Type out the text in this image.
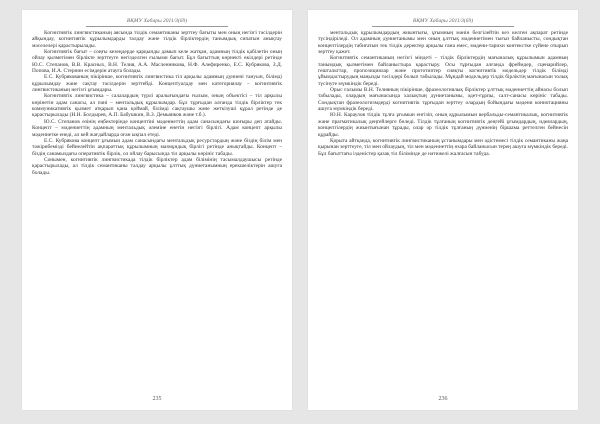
ВҚМУ Хабары 2011/3(69)

Когнитивтік лингвистиканың аясында тілдік семантиканы зерттеу бағыты мен оның негізгі тәсілдерін айқындау, когнитивтік құрылымдарды талдау және тілдік бірліктердің танымдық сипатын анықтау мәселелері қарастырылады.

Когнитивтік бағыт – соңғы кезеңдерде қарқынды дамып келе жатқан, адамның тілдік қабілетін оның ойлау қызметімен бірлікте зерттеуге негізделген ғылыми бағыт. Бұл бағыттың көрнекті өкілдері ретінде Ю.С. Степанов, В.В. Красных, В.Н. Телия, А.А. Масленникова, Н.Ф. Алефиренко, Е.С. Кубрякова, З.Д. Попова, И.А. Стернин есімдерін атауға болады.

Е.С. Кубрякованың пікірінше, когнитивтік лингвистика тіл арқылы адамның дүниені тануын, білімді құрылымдау және сақтау тәсілдерін зерттейді. Концептуалдау мен категориялау – когнитивтік лингвистиканың негізгі ұғымдары.

Когнитивтік лингвистика – салалардың түрлі аралығындағы ғылым, оның объектісі – тіл арқылы көрінетін адам санасы, ал пәні – ментальдық құрылымдар. Бұл тұрғыдан алғанда тілдік бірліктер тек коммуникативтік қызмет атқарып қана қоймай, білімді сақтаушы және жеткізуші құрал ретінде де қарастырылады (Н.Н. Болдырев, А.П. Бабушкин, В.З. Демьянков және т.б.).

Ю.С. Степанов өзінің еңбектерінде концептіні мәдениеттің адам санасындағы шоғыры деп атайды. Концепт – мәдениеттің адамның ментальдық әлеміне енетін негізгі бірлігі. Адам концепт арқылы мәдениетке енеді, ал кей жағдайларда оған ықпал етеді.

Е.С. Кубрякова концепт ұғымын адам санасындағы ментальдық ресурстардың және біздің білім мен тәжірибемізді бейнелейтін ақпараттық құрылымның мазмұндық бірлігі ретінде анықтайды. Концепт – біздің санамыздағы оперативтік бірлік, ол ойлау барысында тіл арқылы көрініс табады.

Сонымен, когнитивтік лингвистикада тілдік бірліктер адам білімінің тасымалдаушысы ретінде қарастырылады, ал тілдік семантиканы талдау арқылы ұлттық дүниетанымның ерекшеліктерін ашуға болады.

235
ВҚМУ Хабары 2011/3(69)

ментальдық құрылымдардың жиынтығы, ұғымның мәнін белгілейтін кез келген ақпарат ретінде түсіндіріледі. Ол адамның дүниетанымы мен оның ұлттық мәдениетімен тығыз байланысты, сондықтан концептілердің табиғатын тек тілдік деректер арқылы ғана емес, мәдени-тарихи контекстке сүйене отырып зерттеу қажет.

Когнитивтік семантиканың негізгі міндеті – тілдік бірліктердің мағыналық құрылымын адамның танымдық қызметімен байланыстыра қарастыру. Осы тұрғыдан алғанда фреймдер, сценарийлер, гештальттар, пропозициялар және прототиптер сияқты когнитивтік модельдер тілдік білімді ұйымдастырудың маңызды тәсілдері болып табылады. Мұндай модельдер тілдік бірліктің мағынасын толық түсінуге мүмкіндік береді.

Орыс ғалымы В.Н. Телияның пікірінше, фразеологиялық бірліктер ұлттық мәдениеттің айнасы болып табылады, олардың мағынасында халықтың дүниетанымы, әдет-ғұрпы, салт-санасы көрініс табады. Сондықтан фразеологизмдерді когнитивтік тұрғыдан зерттеу олардың бойындағы мәдени коннотацияны ашуға мүмкіндік береді.

Ю.Н. Караулов тілдік тұлға ұғымын енгізіп, оның құрылымын вербальды-семантикалық, когнитивтік және прагматикалық деңгейлерге бөледі. Тілдік тұлғаның когнитивтік деңгейі ұғымдардың, идеялардың, концептілердің жиынтығынан тұрады, олар әр тілдік тұлғаның дүниенің біршама реттелген бейнесін құрайды.

Қорыта айтқанда, когнитивтік лингвистиканың ұстанымдары мен әдістемесі тілдік семантиканы жаңа қырынан зерттеуге, тіл мен ойлаудың, тіл мен мәдениеттің өзара байланысын терең ашуға мүмкіндік береді. Бұл бағыттағы ізденістер қазақ тіл білімінде де нәтижелі жалғасын табуда.

236
